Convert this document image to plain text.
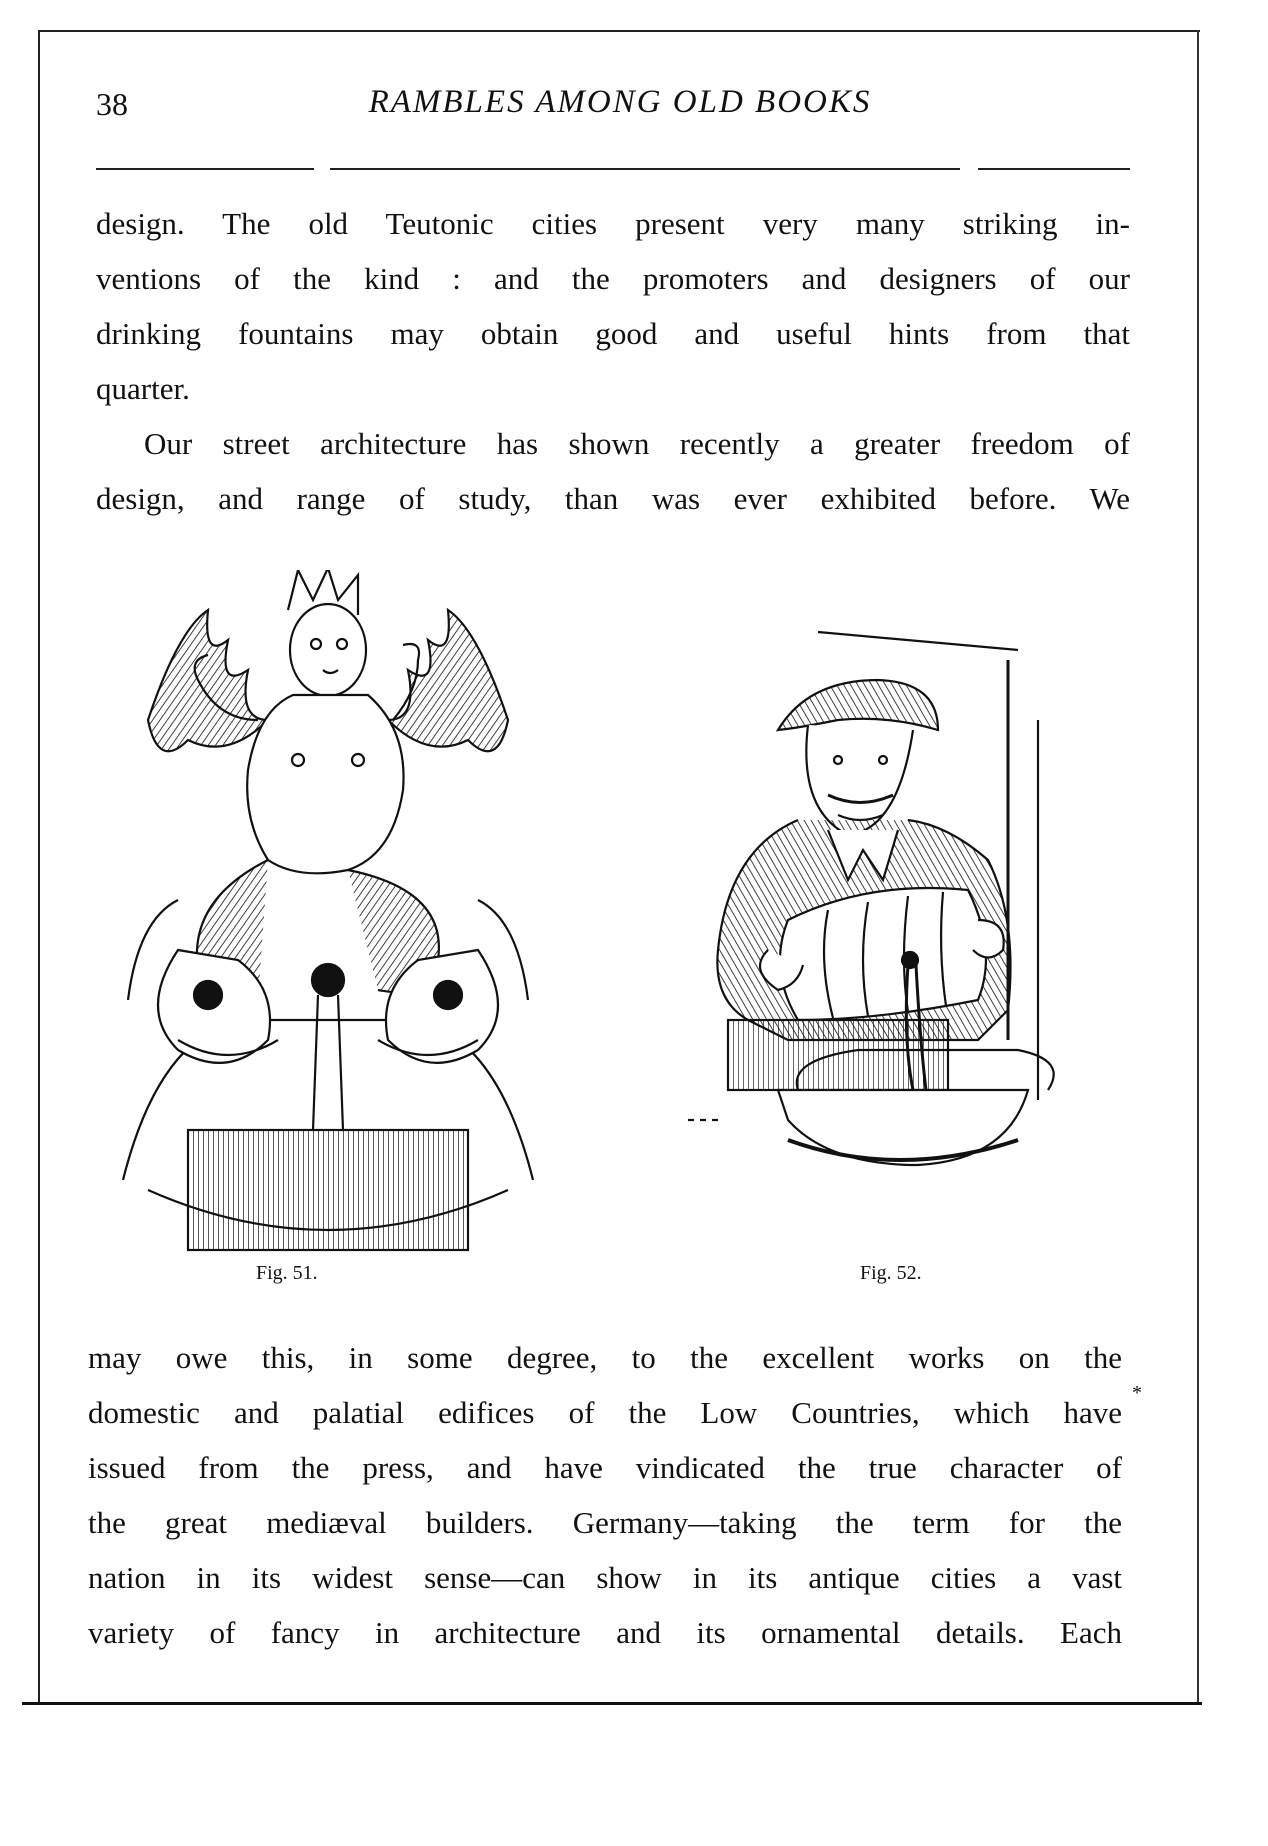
38	RAMBLES AMONG OLD BOOKS
design. The old Teutonic cities present very many striking in-
ventions of the kind : and the promoters and designers of our
drinking fountains may obtain good and useful hints from that
quarter.
Our street architecture has shown recently a greater freedom of
design, and range of study, than was ever exhibited before. We
Fig. 51.	Fig. 52.
may owe this, in some degree, to the excellent works on the
domestic and palatial edifices of the Low Countries, which have
issued from the press, and have vindicated the true character of
the great mediæval builders. Germany—taking the term for the
nation in its widest sense—can show in its antique cities a vast
variety of fancy in architecture and its ornamental details. Each
*
